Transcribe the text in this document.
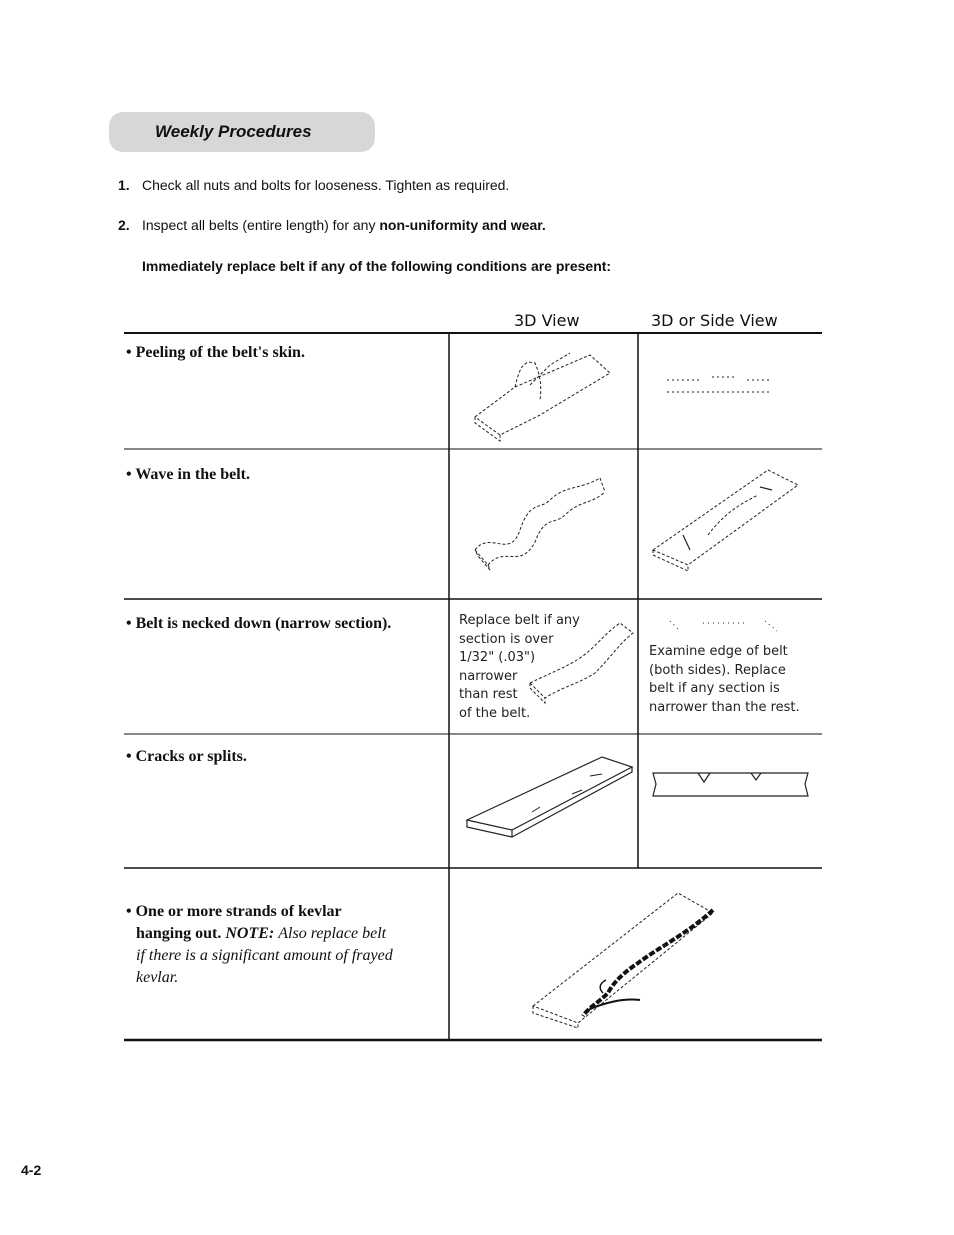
Weekly Procedures
1. Check all nuts and bolts for looseness. Tighten as required.
2. Inspect all belts (entire length) for any non-uniformity and wear.
Immediately replace belt if any of the following conditions are present:
3D View	3D or Side View
• Peeling of the belt's skin.
• Wave in the belt.
• Belt is necked down (narrow section).	Replace belt if any
section is over
1/32" (.03")
narrower
than rest
of the belt.
Examine edge of belt
(both sides). Replace
belt if any section is
narrower than the rest.
• Cracks or splits.
• One or more strands of kevlar
hanging out. NOTE: Also replace belt
if there is a significant amount of frayed
kevlar.
4-2
